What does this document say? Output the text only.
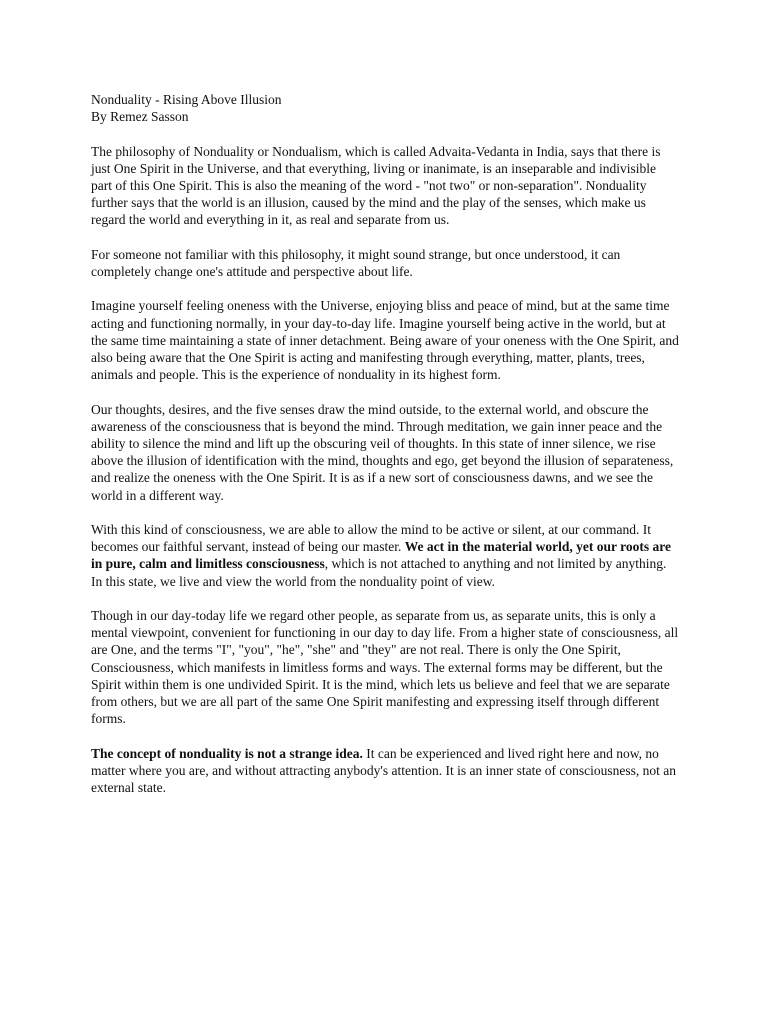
Nonduality - Rising Above Illusion
By Remez Sasson

The philosophy of Nonduality or Nondualism, which is called Advaita-Vedanta in India, says that there is just One Spirit in the Universe, and that everything, living or inanimate, is an inseparable and indivisible part of this One Spirit. This is also the meaning of the word - "not two" or non-separation". Nonduality further says that the world is an illusion, caused by the mind and the play of the senses, which make us regard the world and everything in it, as real and separate from us.

For someone not familiar with this philosophy, it might sound strange, but once understood, it can completely change one's attitude and perspective about life.

Imagine yourself feeling oneness with the Universe, enjoying bliss and peace of mind, but at the same time acting and functioning normally, in your day-to-day life. Imagine yourself being active in the world, but at the same time maintaining a state of inner detachment. Being aware of your oneness with the One Spirit, and also being aware that the One Spirit is acting and manifesting through everything, matter, plants, trees, animals and people. This is the experience of nonduality in its highest form.

Our thoughts, desires, and the five senses draw the mind outside, to the external world, and obscure the awareness of the consciousness that is beyond the mind. Through meditation, we gain inner peace and the ability to silence the mind and lift up the obscuring veil of thoughts. In this state of inner silence, we rise above the illusion of identification with the mind, thoughts and ego, get beyond the illusion of separateness, and realize the oneness with the One Spirit. It is as if a new sort of consciousness dawns, and we see the world in a different way.

With this kind of consciousness, we are able to allow the mind to be active or silent, at our command. It becomes our faithful servant, instead of being our master. We act in the material world, yet our roots are in pure, calm and limitless consciousness, which is not attached to anything and not limited by anything. In this state, we live and view the world from the nonduality point of view.

Though in our day-today life we regard other people, as separate from us, as separate units, this is only a mental viewpoint, convenient for functioning in our day to day life. From a higher state of consciousness, all are One, and the terms "I", "you", "he", "she" and "they" are not real. There is only the One Spirit, Consciousness, which manifests in limitless forms and ways. The external forms may be different, but the Spirit within them is one undivided Spirit. It is the mind, which lets us believe and feel that we are separate from others, but we are all part of the same One Spirit manifesting and expressing itself through different forms.

The concept of nonduality is not a strange idea. It can be experienced and lived right here and now, no matter where you are, and without attracting anybody's attention. It is an inner state of consciousness, not an external state.
